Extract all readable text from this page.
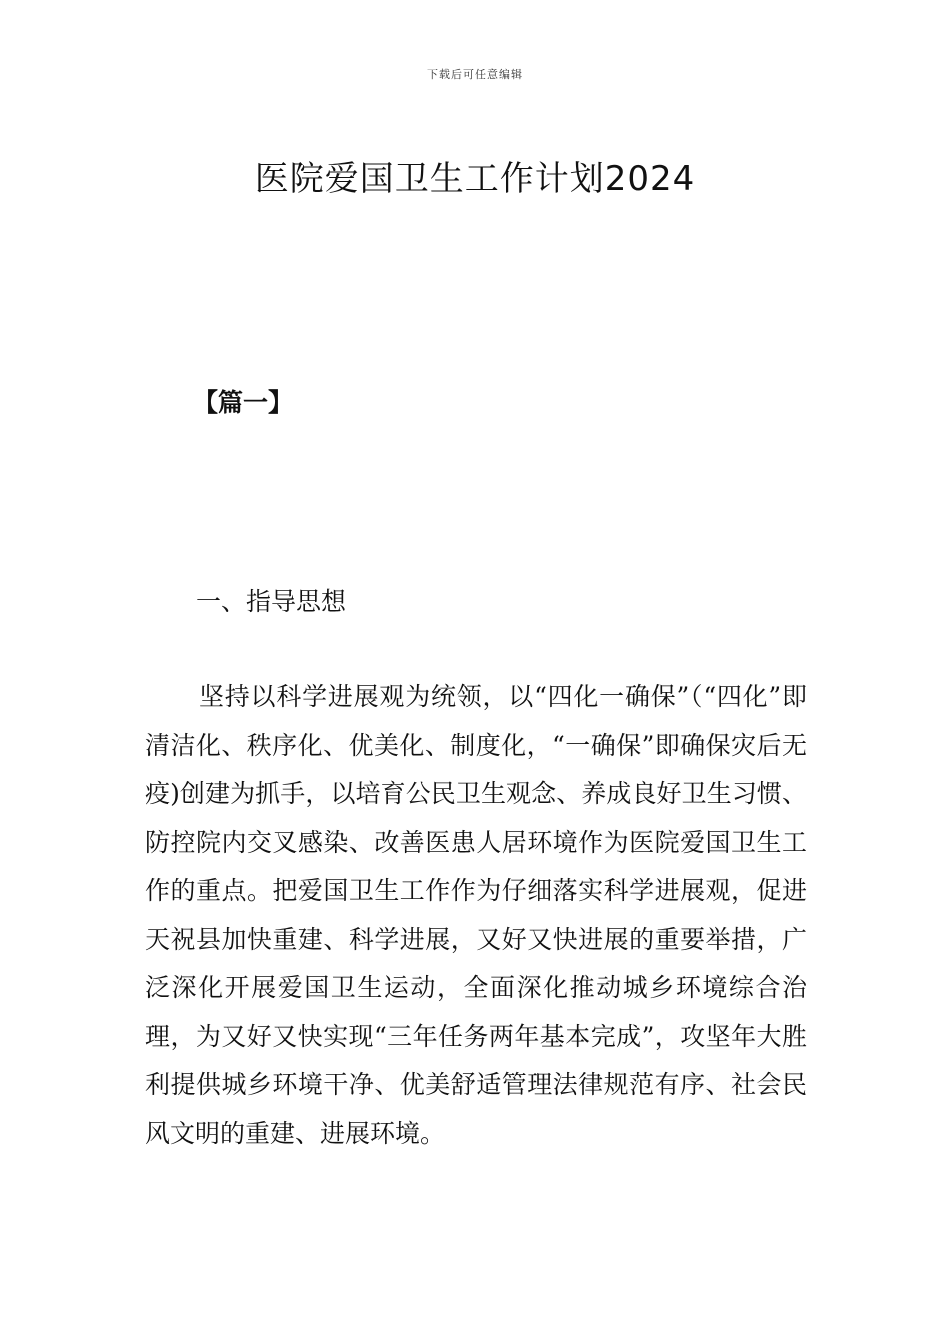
下载后可任意编辑
医院爱国卫生工作计划2024
【篇一】
一、指导思想

坚持以科学进展观为统领，以“四化一确保”（“四化”即清洁化、秩序化、优美化、制度化，“一确保”即确保灾后无疫)创建为抓手，以培育公民卫生观念、养成良好卫生习惯、防控院内交叉感染、改善医患人居环境作为医院爱国卫生工作的重点。把爱国卫生工作作为仔细落实科学进展观，促进天祝县加快重建、科学进展，又好又快进展的重要举措，广泛深化开展爱国卫生运动，全面深化推动城乡环境综合治理，为又好又快实现“三年任务两年基本完成”，攻坚年大胜利提供城乡环境干净、优美舒适管理法律规范有序、社会民风文明的重建、进展环境。
